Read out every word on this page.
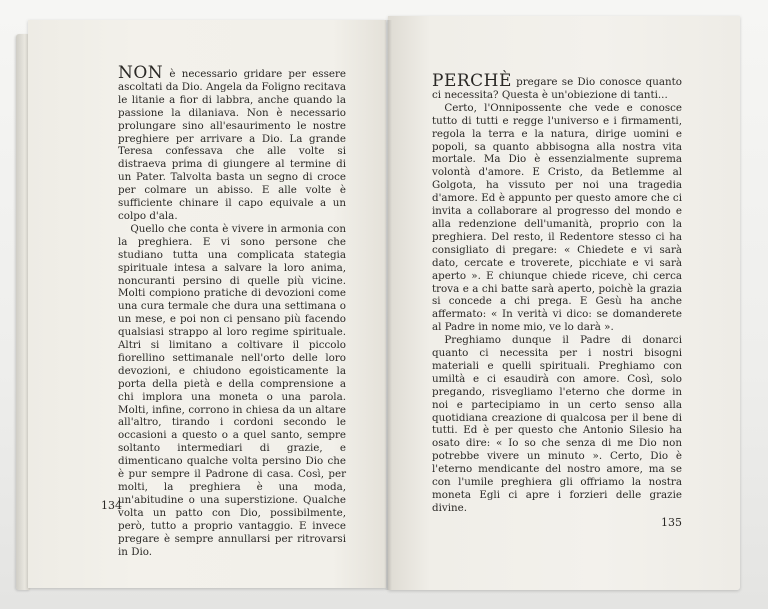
NON è necessario gridare per essere ascoltati da Dio. Angela da Foligno recitava le litanie a fior di labbra, anche quando la passione la dilaniava. Non è necessario prolungare sino all'esaurimento le nostre preghiere per arrivare a Dio. La grande Teresa confessava che alle volte si distraeva prima di giungere al termine di un Pater. Talvolta basta un segno di croce per colmare un abisso. E alle volte è sufficiente chinare il capo equivale a un colpo d'ala.

Quello che conta è vivere in armonia con la preghiera. E vi sono persone che studiano tutta una complicata stategia spirituale intesa a salvare la loro anima, noncuranti persino di quelle più vicine. Molti compiono pratiche di devozioni come una cura termale che dura una settimana o un mese, e poi non ci pensano più facendo qualsiasi strappo al loro regime spirituale. Altri si limitano a coltivare il piccolo fiorellino settimanale nell'orto delle loro devozioni, e chiudono egoisticamente la porta della pietà e della comprensione a chi implora una moneta o una parola. Molti, infine, corrono in chiesa da un altare all'altro, tirando i cordoni secondo le occasioni a questo o a quel santo, sempre soltanto intermediari di grazie, e dimenticano qualche volta persino Dio che è pur sempre il Padrone di casa. Così, per molti, la preghiera è una moda, un'abitudine o una superstizione. Qualche volta un patto con Dio, possibilmente, però, tutto a proprio vantaggio. E invece pregare è sempre annullarsi per ritrovarsi in Dio.

PERCHÈ pregare se Dio conosce quanto ci necessita? Questa è un'obiezione di tanti...

Certo, l'Onnipossente che vede e conosce tutto di tutti e regge l'universo e i firmamenti, regola la terra e la natura, dirige uomini e popoli, sa quanto abbisogna alla nostra vita mortale. Ma Dio è essenzialmente suprema volontà d'amore. E Cristo, da Betlemme al Golgota, ha vissuto per noi una tragedia d'amore. Ed è appunto per questo amore che ci invita a collaborare al progresso del mondo e alla redenzione dell'umanità, proprio con la preghiera. Del resto, il Redentore stesso ci ha consigliato di pregare: « Chiedete e vi sarà dato, cercate e troverete, picchiate e vi sarà aperto ». E chiunque chiede riceve, chi cerca trova e a chi batte sarà aperto, poichè la grazia si concede a chi prega. E Gesù ha anche affermato: « In verità vi dico: se domanderete al Padre in nome mio, ve lo darà ».

Preghiamo dunque il Padre di donarci quanto ci necessita per i nostri bisogni materiali e quelli spirituali. Preghiamo con umiltà e ci esaudirà con amore. Così, solo pregando, risvegliamo l'eterno che dorme in noi e partecipiamo in un certo senso alla quotidiana creazione di qualcosa per il bene di tutti. Ed è per questo che Antonio Silesio ha osato dire: « Io so che senza di me Dio non potrebbe vivere un minuto ». Certo, Dio è l'eterno mendicante del nostro amore, ma se con l'umile preghiera gli offriamo la nostra moneta Egli ci apre i forzieri delle grazie divine.

134
135
